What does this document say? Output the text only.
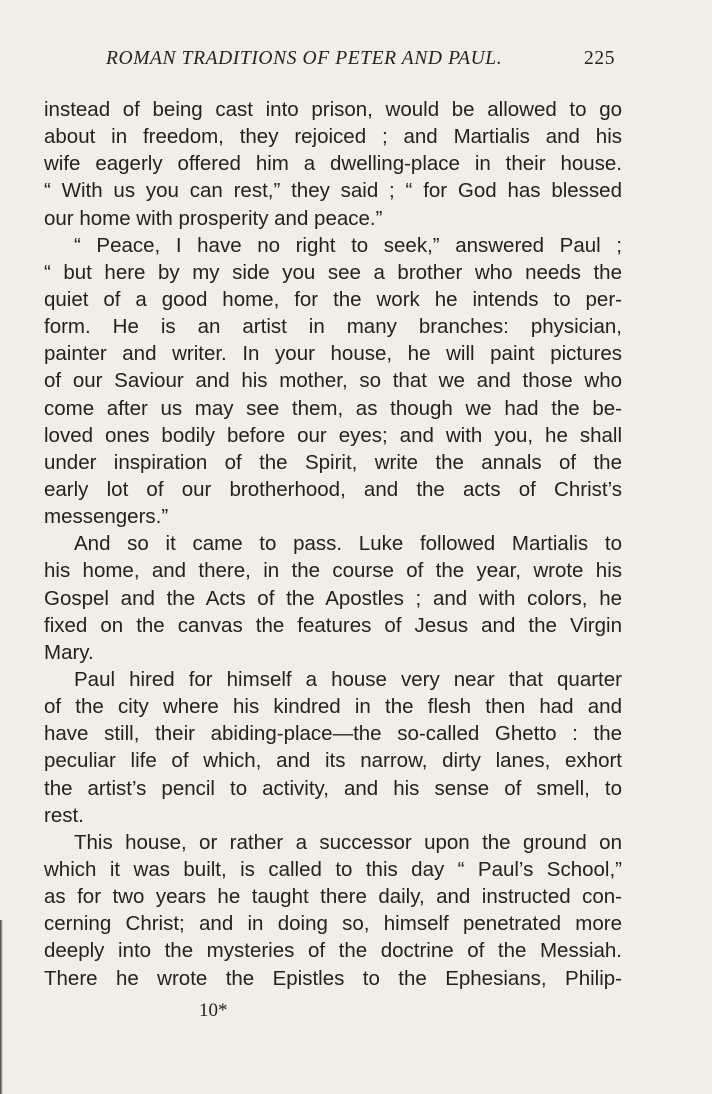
ROMAN TRADITIONS OF PETER AND PAUL.	225
instead of being cast into prison, would be allowed to go
about in freedom, they rejoiced ; and Martialis and his
wife eagerly offered him a dwelling-place in their house.
“ With us you can rest,” they said ; “ for God has blessed
our home with prosperity and peace.”
“ Peace, I have no right to seek,” answered Paul ;
“ but here by my side you see a brother who needs the
quiet of a good home, for the work he intends to per-
form. He is an artist in many branches: physician,
painter and writer. In your house, he will paint pictures
of our Saviour and his mother, so that we and those who
come after us may see them, as though we had the be-
loved ones bodily before our eyes; and with you, he shall
under inspiration of the Spirit, write the annals of the
early lot of our brotherhood, and the acts of Christ’s
messengers.”
And so it came to pass. Luke followed Martialis to
his home, and there, in the course of the year, wrote his
Gospel and the Acts of the Apostles ; and with colors, he
fixed on the canvas the features of Jesus and the Virgin
Mary.
Paul hired for himself a house very near that quarter
of the city where his kindred in the flesh then had and
have still, their abiding-place—the so-called Ghetto : the
peculiar life of which, and its narrow, dirty lanes, exhort
the artist’s pencil to activity, and his sense of smell, to
rest.
This house, or rather a successor upon the ground on
which it was built, is called to this day “ Paul’s School,”
as for two years he taught there daily, and instructed con-
cerning Christ; and in doing so, himself penetrated more
deeply into the mysteries of the doctrine of the Messiah.
There he wrote the Epistles to the Ephesians, Philip-
10*
